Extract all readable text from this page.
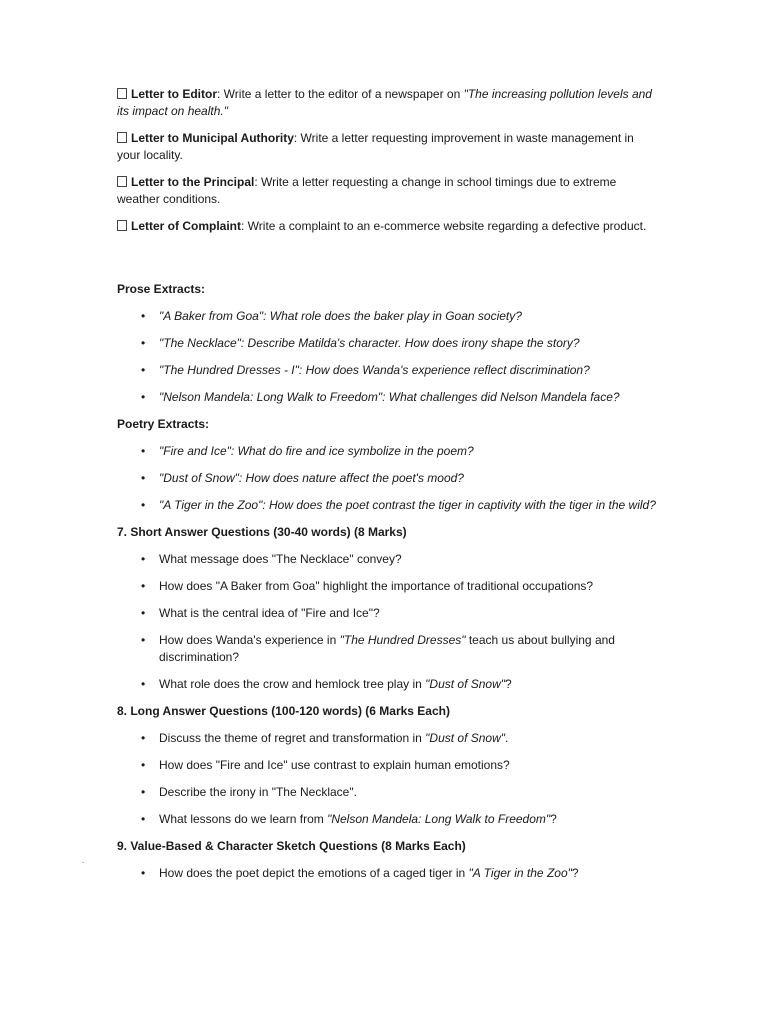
Letter to Editor: Write a letter to the editor of a newspaper on "The increasing pollution levels and its impact on health."

Letter to Municipal Authority: Write a letter requesting improvement in waste management in your locality.

Letter to the Principal: Write a letter requesting a change in school timings due to extreme weather conditions.

Letter of Complaint: Write a complaint to an e-commerce website regarding a defective product.

Prose Extracts:
• "A Baker from Goa": What role does the baker play in Goan society?
• "The Necklace": Describe Matilda's character. How does irony shape the story?
• "The Hundred Dresses - I": How does Wanda's experience reflect discrimination?
• "Nelson Mandela: Long Walk to Freedom": What challenges did Nelson Mandela face?
Poetry Extracts:
• "Fire and Ice": What do fire and ice symbolize in the poem?
• "Dust of Snow": How does nature affect the poet's mood?
• "A Tiger in the Zoo": How does the poet contrast the tiger in captivity with the tiger in the wild?
7. Short Answer Questions (30-40 words) (8 Marks)
• What message does "The Necklace" convey?
• How does "A Baker from Goa" highlight the importance of traditional occupations?
• What is the central idea of "Fire and Ice"?
• How does Wanda's experience in "The Hundred Dresses" teach us about bullying and discrimination?
• What role does the crow and hemlock tree play in "Dust of Snow"?
8. Long Answer Questions (100-120 words) (6 Marks Each)
• Discuss the theme of regret and transformation in "Dust of Snow".
• How does "Fire and Ice" use contrast to explain human emotions?
• Describe the irony in "The Necklace".
• What lessons do we learn from "Nelson Mandela: Long Walk to Freedom"?
9. Value-Based & Character Sketch Questions (8 Marks Each)
• How does the poet depict the emotions of a caged tiger in "A Tiger in the Zoo"?
.
